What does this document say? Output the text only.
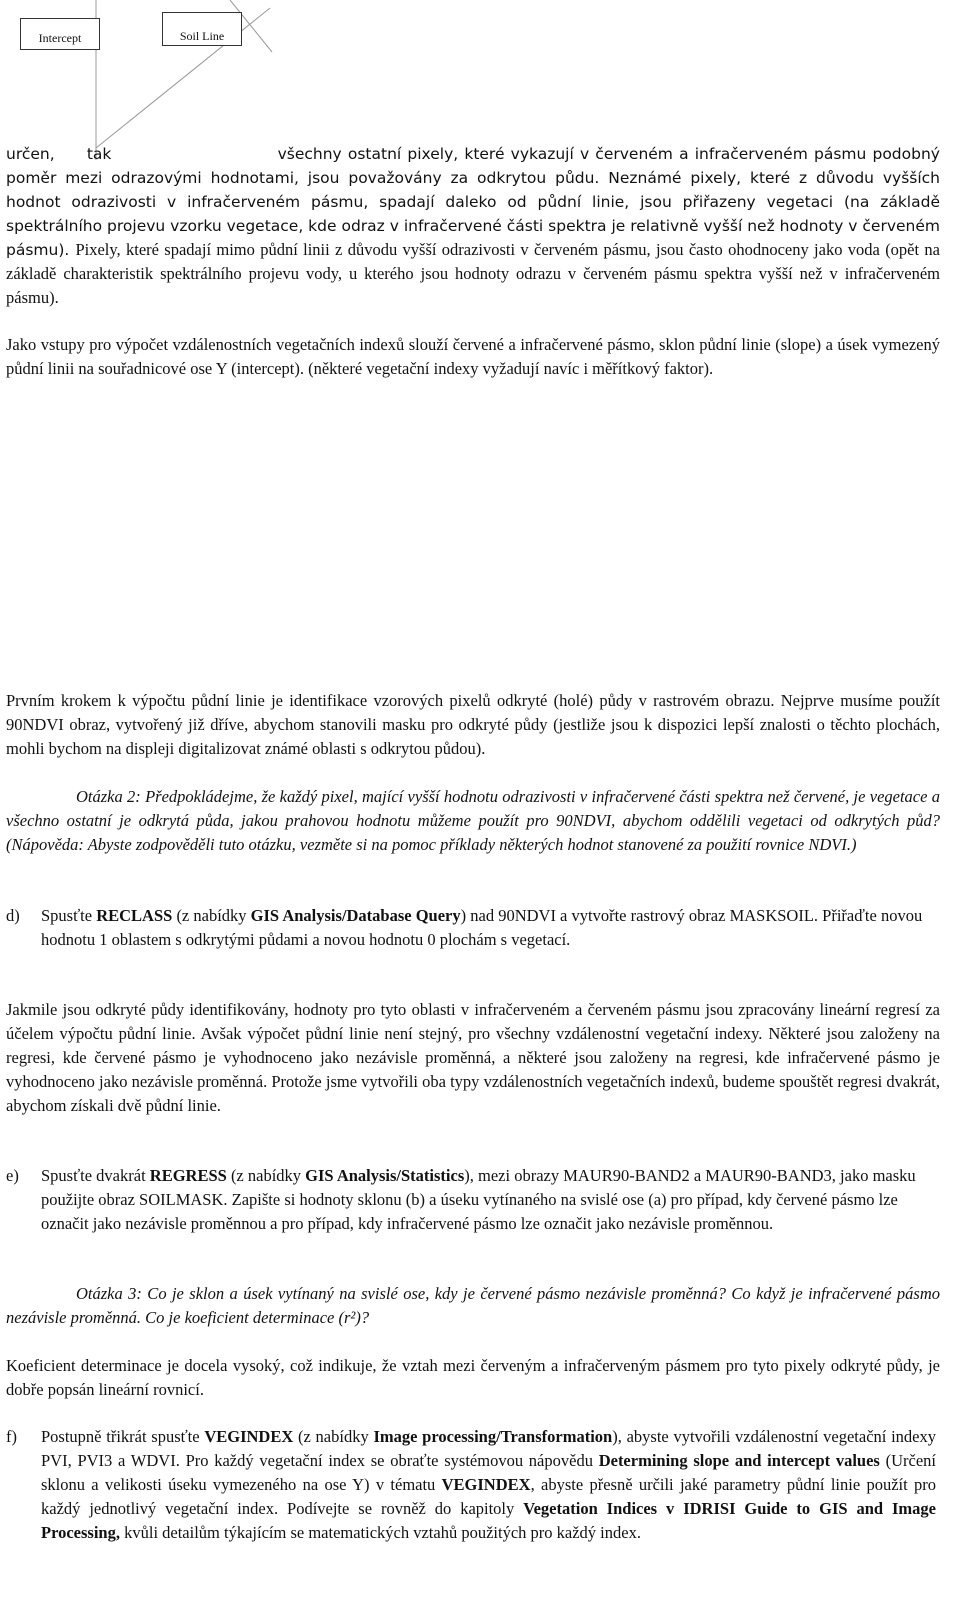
Intercept	Soil Line

určen, tak	všechny ostatní pixely, které vykazují v červeném a infračerveném pásmu podobný poměr mezi odrazovými hodnotami, jsou považovány za odkrytou půdu. Neznámé pixely, které z důvodu vyšších hodnot odrazivosti v infračerveném pásmu, spadají daleko od půdní linie, jsou přiřazeny vegetaci (na základě spektrálního projevu vzorku vegetace, kde odraz v infračervené části spektra je relativně vyšší než hodnoty v červeném pásmu). Pixely, které spadají mimo půdní linii z důvodu vyšší odrazivosti v červeném pásmu, jsou často ohodnoceny jako voda (opět na základě charakteristik spektrálního projevu vody, u kterého jsou hodnoty odrazu v červeném pásmu spektra vyšší než v infračerveném pásmu).

Jako vstupy pro výpočet vzdálenostních vegetačních indexů slouží červené a infračervené pásmo, sklon půdní linie (slope) a úsek vymezený půdní linii na souřadnicové ose Y (intercept). (některé vegetační indexy vyžadují navíc i měřítkový faktor).

Prvním krokem k výpočtu půdní linie je identifikace vzorových pixelů odkryté (holé) půdy v rastrovém obrazu. Nejprve musíme použít 90NDVI obraz, vytvořený již dříve, abychom stanovili masku pro odkryté půdy (jestliže jsou k dispozici lepší znalosti o těchto plochách, mohli bychom na displeji digitalizovat známé oblasti s odkrytou půdou).

Otázka 2: Předpokládejme, že každý pixel, mající vyšší hodnotu odrazivosti v infračervené části spektra než červené, je vegetace a všechno ostatní je odkrytá půda, jakou prahovou hodnotu můžeme použít pro 90NDVI, abychom oddělili vegetaci od odkrytých půd? (Nápověda: Abyste zodpověděli tuto otázku, vezměte si na pomoc příklady některých hodnot stanovené za použití rovnice NDVI.)

d) Spusťte RECLASS (z nabídky GIS Analysis/Database Query) nad 90NDVI a vytvořte rastrový obraz MASKSOIL. Přiřaďte novou hodnotu 1 oblastem s odkrytými půdami a novou hodnotu 0 plochám s vegetací.

Jakmile jsou odkryté půdy identifikovány, hodnoty pro tyto oblasti v infračerveném a červeném pásmu jsou zpracovány lineární regresí za účelem výpočtu půdní linie. Avšak výpočet půdní linie není stejný, pro všechny vzdálenostní vegetační indexy. Některé jsou založeny na regresi, kde červené pásmo je vyhodnoceno jako nezávisle proměnná, a některé jsou založeny na regresi, kde infračervené pásmo je vyhodnoceno jako nezávisle proměnná. Protože jsme vytvořili oba typy vzdálenostních vegetačních indexů, budeme spouštět regresi dvakrát, abychom získali dvě půdní linie.

e) Spusťte dvakrát REGRESS (z nabídky GIS Analysis/Statistics), mezi obrazy MAUR90-BAND2 a MAUR90-BAND3, jako masku použijte obraz SOILMASK. Zapište si hodnoty sklonu (b) a úseku vytínaného na svislé ose (a) pro případ, kdy červené pásmo lze označit jako nezávisle proměnnou a pro případ, kdy infračervené pásmo lze označit jako nezávisle proměnnou.

Otázka 3: Co je sklon a úsek vytínaný na svislé ose, kdy je červené pásmo nezávisle proměnná? Co když je infračervené pásmo nezávisle proměnná. Co je koeficient determinace (r²)?

Koeficient determinace je docela vysoký, což indikuje, že vztah mezi červeným a infračerveným pásmem pro tyto pixely odkryté půdy, je dobře popsán lineární rovnicí.

f) Postupně třikrát spusťte VEGINDEX (z nabídky Image processing/Transformation), abyste vytvořili vzdálenostní vegetační indexy PVI, PVI3 a WDVI. Pro každý vegetační index se obraťte systémovou nápovědu Determining slope and intercept values (Určení sklonu a velikosti úseku vymezeného na ose Y) v tématu VEGINDEX, abyste přesně určili jaké parametry půdní linie použít pro každý jednotlivý vegetační index. Podívejte se rovněž do kapitoly Vegetation Indices v IDRISI Guide to GIS and Image Processing, kvůli detailům týkajícím se matematických vztahů použitých pro každý index.
